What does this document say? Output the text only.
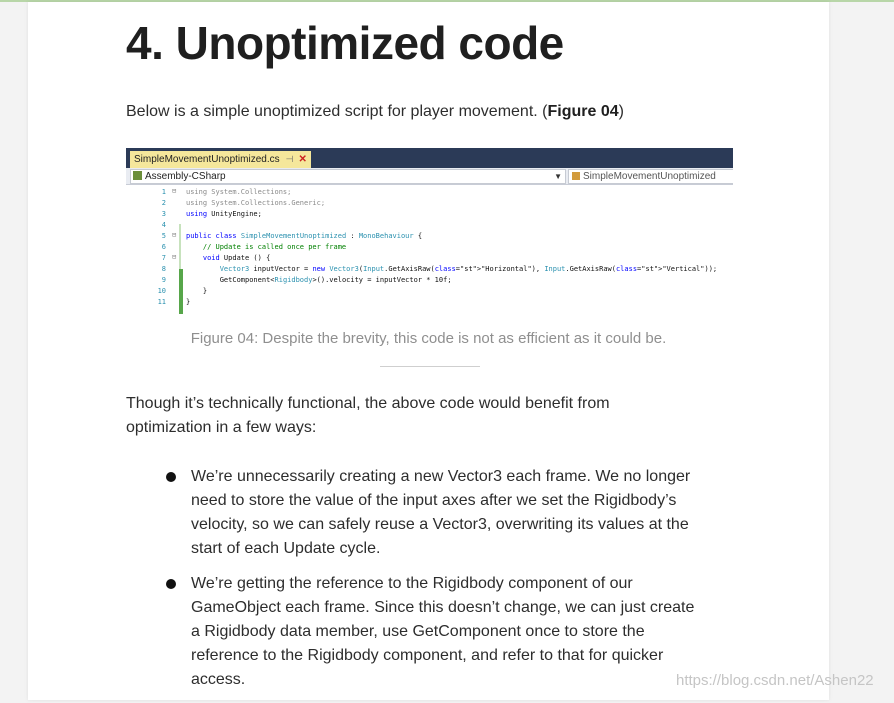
4. Unoptimized code

Below is a simple unoptimized script for player movement. (Figure 04)

SimpleMovementUnoptimized.cs ⊣ ✕
Assembly-CSharp	▼	SimpleMovementUnoptimized
1
2
3
4
5
6
7
8
9
10
11
⊟
⊟
⊟
using System.Collections;
using System.Collections.Generic;
using UnityEngine;
public class SimpleMovementUnoptimized : MonoBehaviour {
// Update is called once per frame
void Update () {
Vector3 inputVector = new Vector3(Input.GetAxisRaw(class="st">"Horizontal"), Input.GetAxisRaw(class="st">"Vertical"));
GetComponent<Rigidbody>().velocity = inputVector * 10f;
}
}

Figure 04: Despite the brevity, this code is not as efficient as it could be.

Though it’s technically functional, the above code would benefit from optimization in a few ways:

We’re unnecessarily creating a new Vector3 each frame. We no longer need to store the value of the input axes after we set the Rigidbody’s velocity, so we can safely reuse a Vector3, overwriting its values at the start of each Update cycle.
We’re getting the reference to the Rigidbody component of our GameObject each frame. Since this doesn’t change, we can just create a Rigidbody data member, use GetComponent once to store the reference to the Rigidbody component, and refer to that for quicker access.	https://blog.csdn.net/Ashen22
